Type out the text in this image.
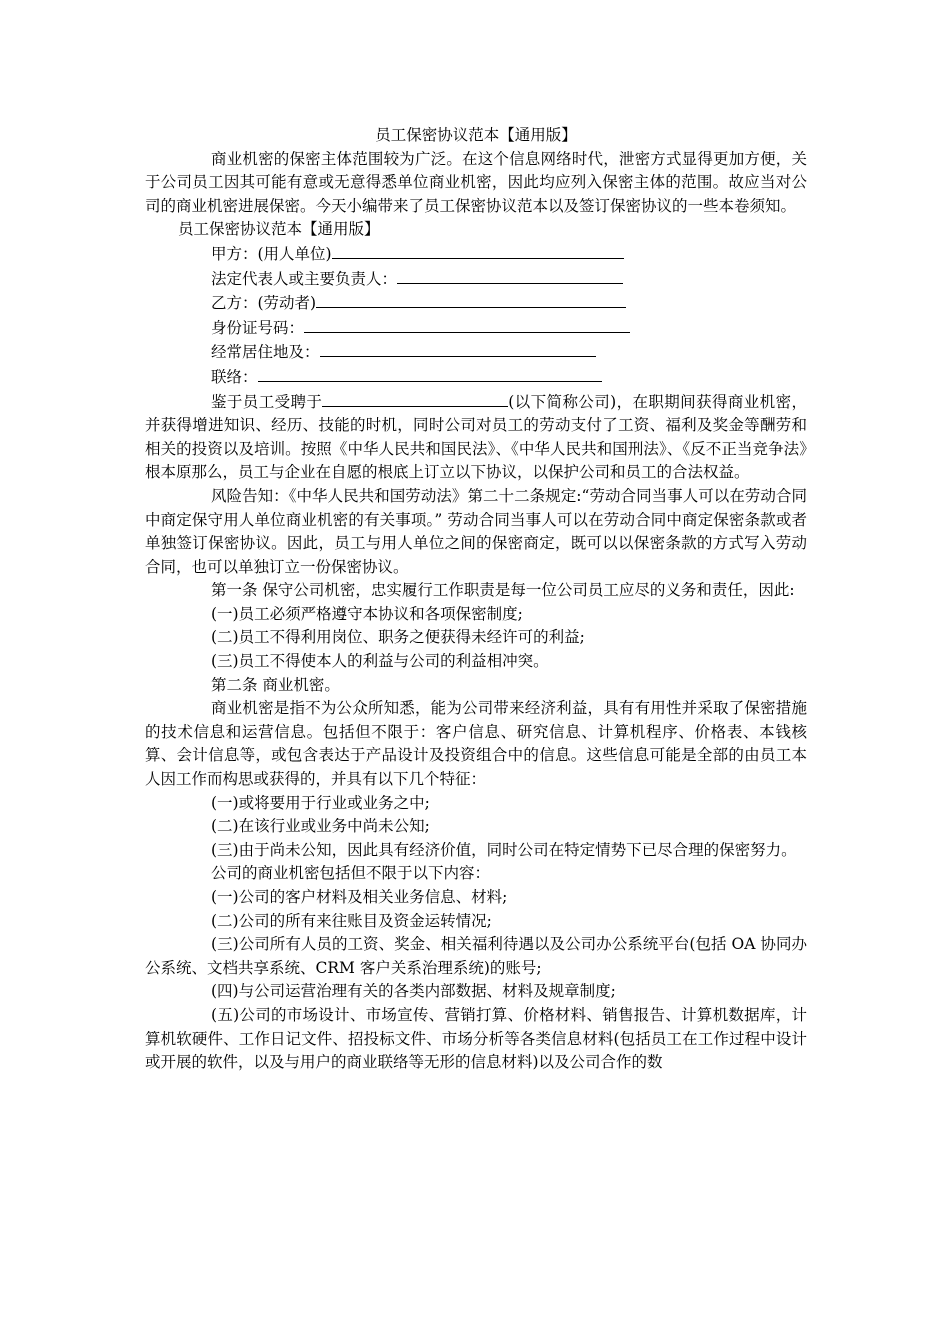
员工保密协议范本【通用版】

商业机密的保密主体范围较为广泛。在这个信息网络时代，泄密方式显得更加方便，关于公司员工因其可能有意或无意得悉单位商业机密，因此均应列入保密主体的范围。故应当对公司的商业机密进展保密。今天小编带来了员工保密协议范本以及签订保密协议的一些本卷须知。

员工保密协议范本【通用版】

甲方：(用人单位)

法定代表人或主要负责人：

乙方：(劳动者)

身份证号码：

经常居住地及：

联络：

鉴于员工受聘于	(以下简称公司)，在职期间获得商业机密，并获得增进知识、经历、技能的时机，同时公司对员工的劳动支付了工资、福利及奖金等酬劳和相关的投资以及培训。按照《中华人民共和国民法》、《中华人民共和国刑法》、《反不正当竞争法》根本原那么，员工与企业在自愿的根底上订立以下协议，以保护公司和员工的合法权益。

风险告知：《中华人民共和国劳动法》第二十二条规定:“劳动合同当事人可以在劳动合同中商定保守用人单位商业机密的有关事项。” 劳动合同当事人可以在劳动合同中商定保密条款或者单独签订保密协议。因此，员工与用人单位之间的保密商定，既可以以保密条款的方式写入劳动合同，也可以单独订立一份保密协议。

第一条 保守公司机密，忠实履行工作职责是每一位公司员工应尽的义务和责任，因此:

(一)员工必须严格遵守本协议和各项保密制度;

(二)员工不得利用岗位、职务之便获得未经许可的利益;

(三)员工不得使本人的利益与公司的利益相冲突。

第二条 商业机密。

商业机密是指不为公众所知悉，能为公司带来经济利益，具有有用性并采取了保密措施的技术信息和运营信息。包括但不限于：客户信息、研究信息、计算机程序、价格表、本钱核算、会计信息等，或包含表达于产品设计及投资组合中的信息。这些信息可能是全部的由员工本人因工作而构思或获得的，并具有以下几个特征：

(一)或将要用于行业或业务之中;

(二)在该行业或业务中尚未公知;

(三)由于尚未公知，因此具有经济价值，同时公司在特定情势下已尽合理的保密努力。

公司的商业机密包括但不限于以下内容：

(一)公司的客户材料及相关业务信息、材料;

(二)公司的所有来往账目及资金运转情况;

(三)公司所有人员的工资、奖金、相关福利待遇以及公司办公系统平台(包括 OA 协同办公系统、文档共享系统、CRM 客户关系治理系统)的账号;

(四)与公司运营治理有关的各类内部数据、材料及规章制度;

(五)公司的市场设计、市场宣传、营销打算、价格材料、销售报告、计算机数据库，计算机软硬件、工作日记文件、招投标文件、市场分析等各类信息材料(包括员工在工作过程中设计或开展的软件，以及与用户的商业联络等无形的信息材料)以及公司合作的数
